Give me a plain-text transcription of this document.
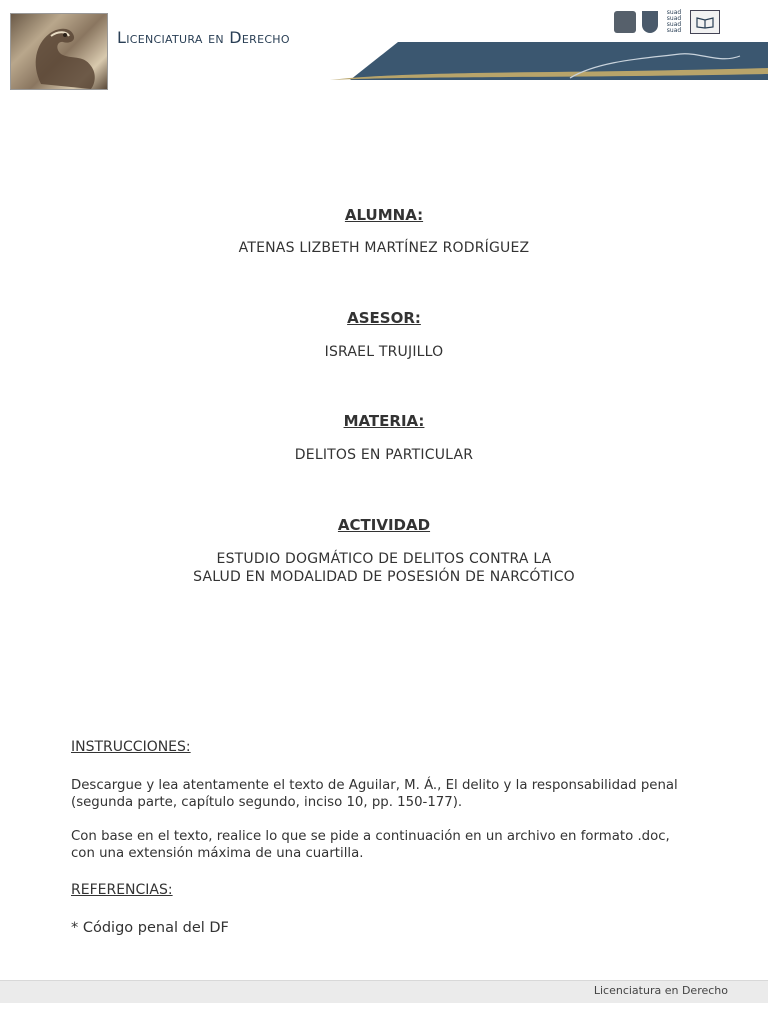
Licenciatura en Derecho
suad
suad
suad
suad
ALUMNA:
ATENAS LIZBETH MARTÍNEZ RODRÍGUEZ
ASESOR:
ISRAEL TRUJILLO
MATERIA:
DELITOS EN PARTICULAR
ACTIVIDAD
ESTUDIO DOGMÁTICO DE DELITOS CONTRA LA
SALUD EN MODALIDAD DE POSESIÓN DE NARCÓTICO
INSTRUCCIONES:
Descargue y lea atentamente el texto de Aguilar, M. Á., El delito y la responsabilidad penal (segunda parte, capítulo segundo, inciso 10, pp. 150-177).
Con base en el texto, realice lo que se pide a continuación en un archivo en formato .doc, con una extensión máxima de una cuartilla.
REFERENCIAS:
* Código penal del DF
Licenciatura en Derecho
